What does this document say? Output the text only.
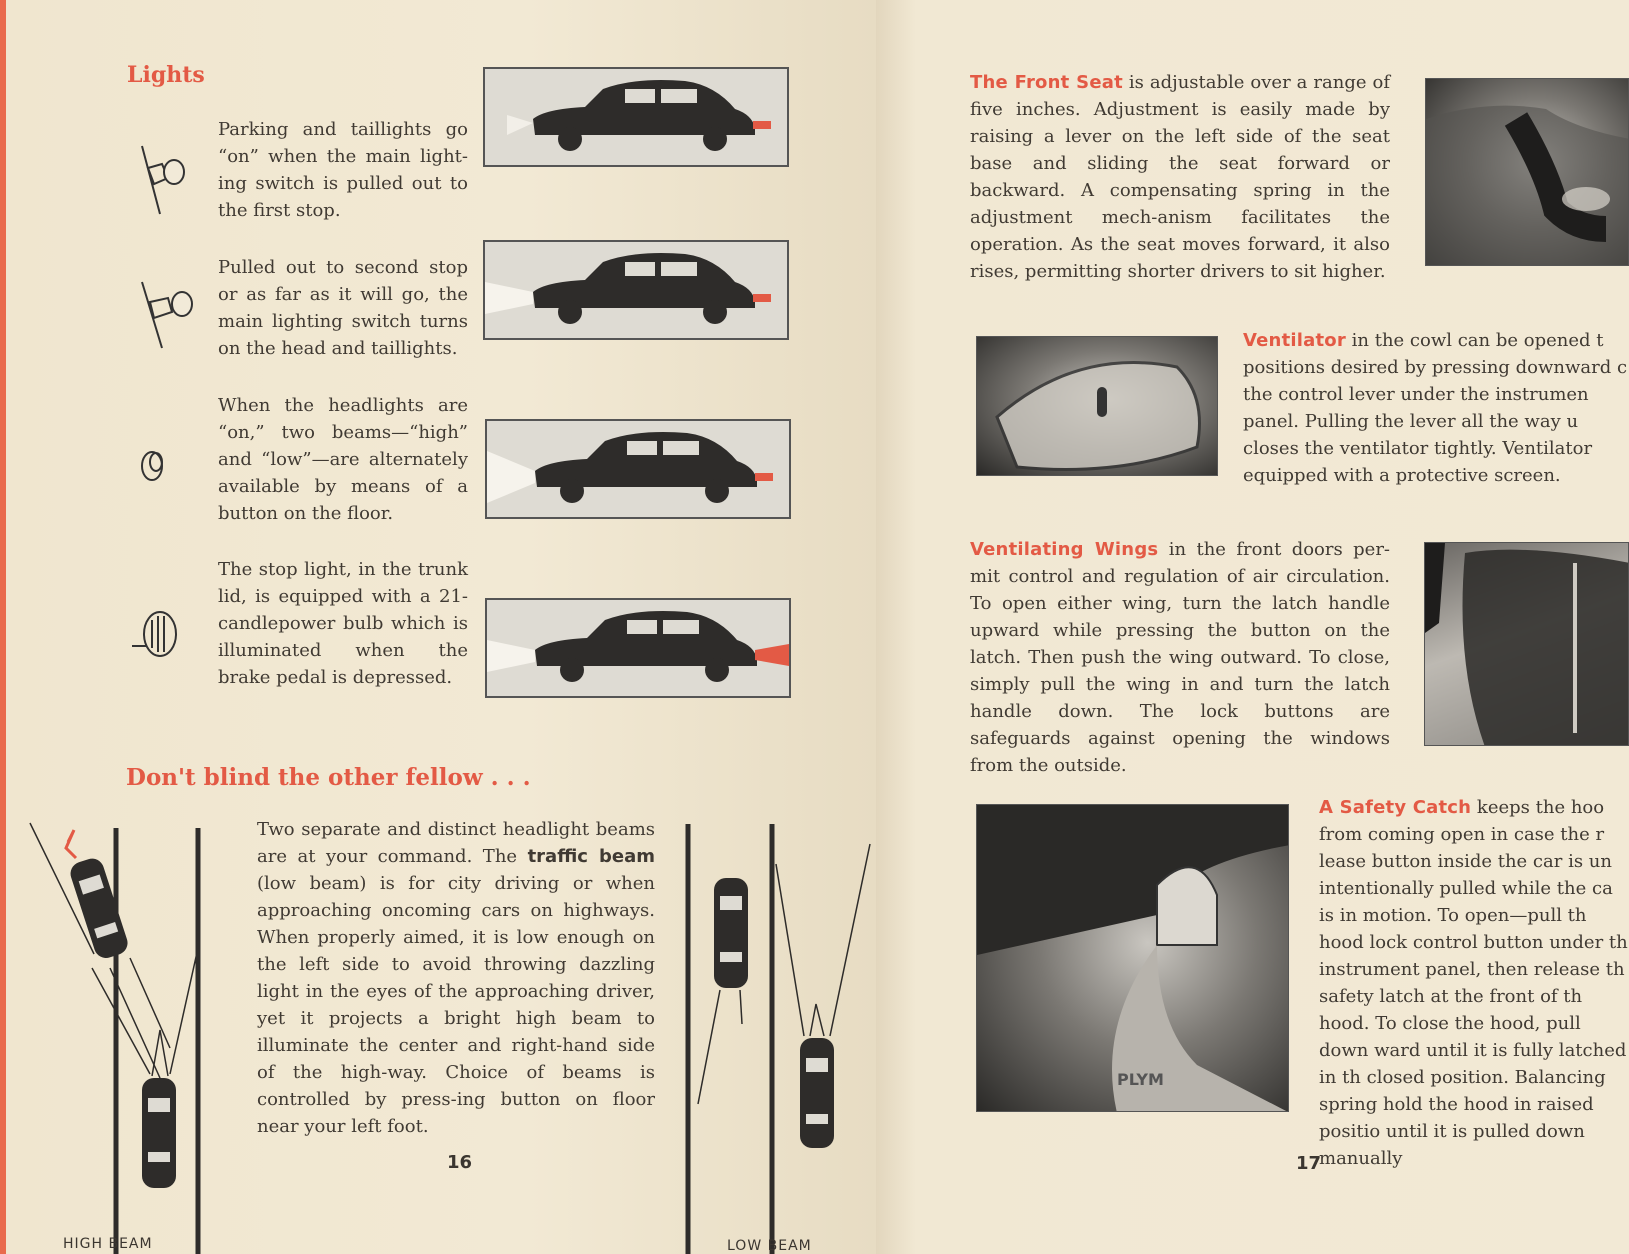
Lights
Parking and taillights go “on” when the main light-ing switch is pulled out to the first stop.
Pulled out to second stop or as far as it will go, the main lighting switch turns on the head and taillights.
When the headlights are “on,” two beams—“high” and “low”—are alternately available by means of a button on the floor.
The stop light, in the trunk lid, is equipped with a 21-candlepower bulb which is illuminated when the brake pedal is depressed.
Don't blind the other fellow . . .
HIGH BEAM
Two separate and distinct headlight beams are at your command. The traffic beam (low beam) is for city driving or when approaching oncoming cars on highways. When properly aimed, it is low enough on the left side to avoid throwing dazzling light in the eyes of the approaching driver, yet it projects a bright high beam to illuminate the center and right-hand side of the high-way. Choice of beams is controlled by press-ing button on floor near your left foot.
16
LOW BEAM
The Front Seat is adjustable over a range of five inches. Adjustment is easily made by raising a lever on the left side of the seat base and sliding the seat forward or backward. A compensating spring in the adjustment mech-anism facilitates the operation. As the seat moves forward, it also rises, permitting shorter drivers to sit higher.
Ventilator in the cowl can be opened t positions desired by pressing downward c the control lever under the instrumen panel. Pulling the lever all the way u closes the ventilator tightly. Ventilator equipped with a protective screen.
Ventilating Wings in the front doors per-mit control and regulation of air circulation. To open either wing, turn the latch handle upward while pressing the button on the latch. Then push the wing outward. To close, simply pull the wing in and turn the latch handle down. The lock buttons are safeguards against opening the windows from the outside.
PLYM
A Safety Catch keeps the hoo from coming open in case the r lease button inside the car is un intentionally pulled while the ca is in motion. To open—pull th hood lock control button under th instrument panel, then release th safety latch at the front of th hood. To close the hood, pull down ward until it is fully latched in th closed position. Balancing spring hold the hood in raised positio until it is pulled down manually
17
